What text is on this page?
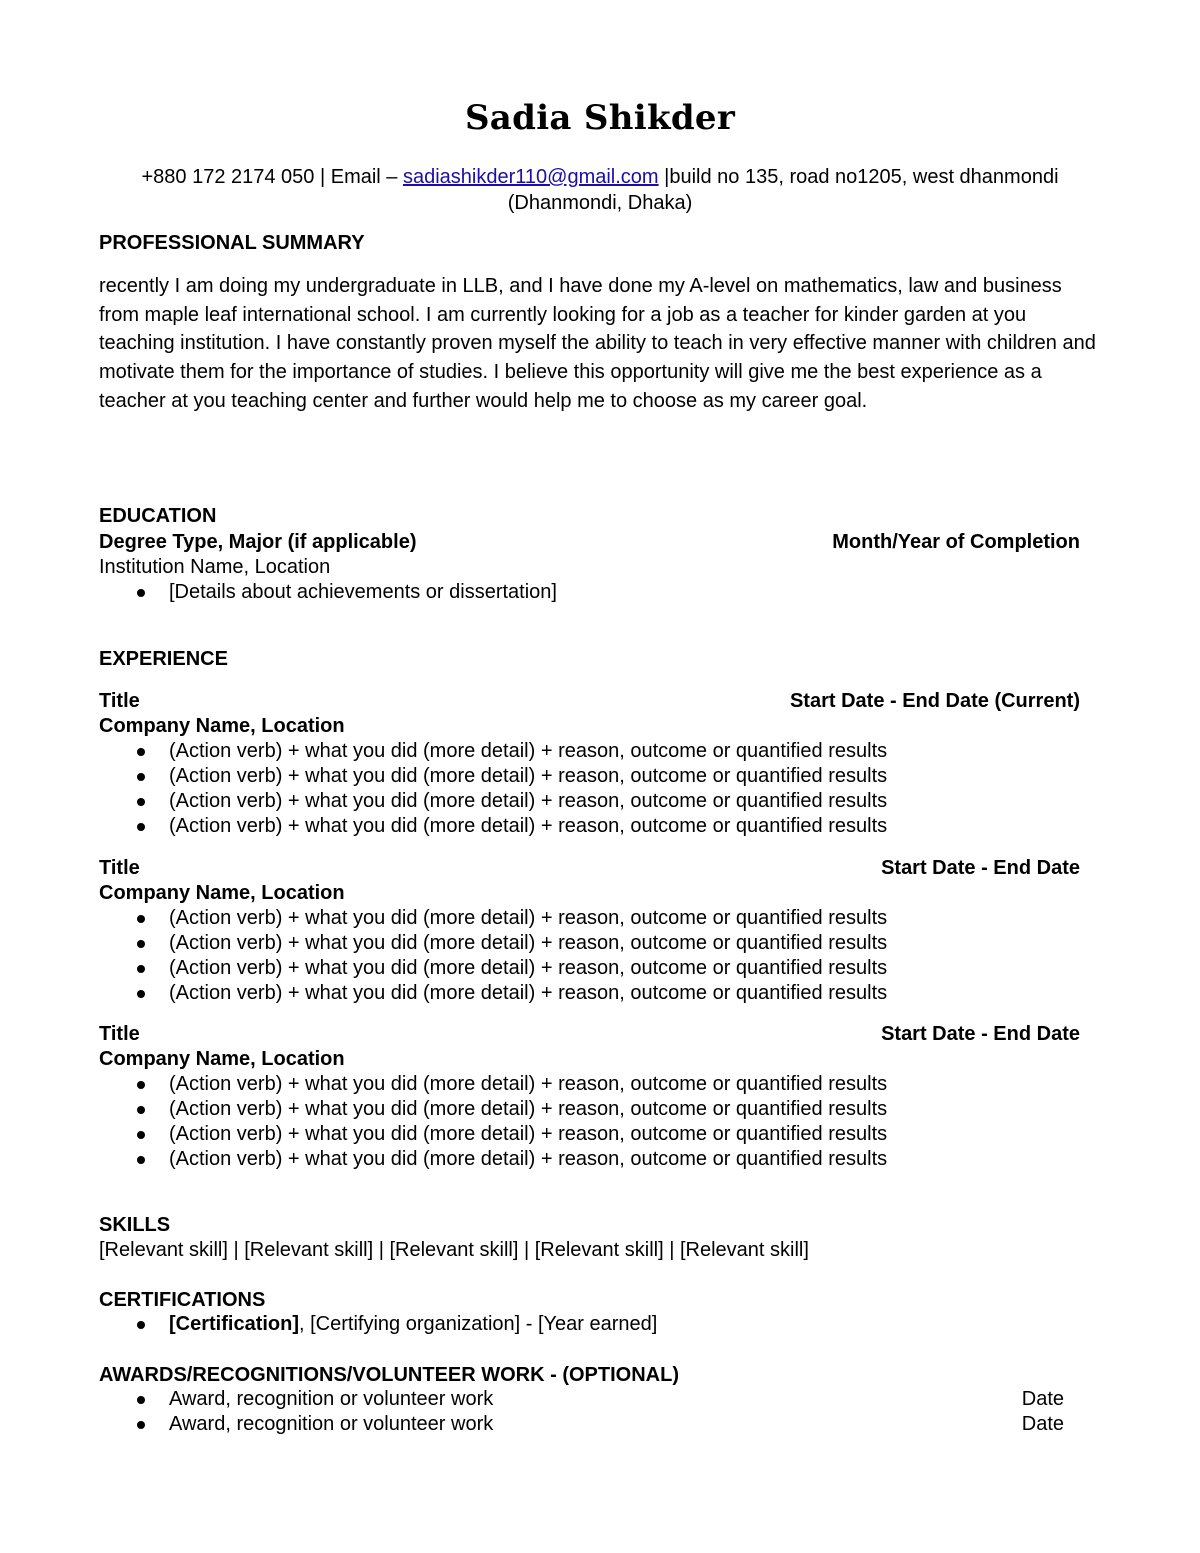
Sadia Shikder
+880 172 2174 050 | Email – sadiashikder110@gmail.com |build no 135, road no1205, west dhanmondi (Dhanmondi, Dhaka)
PROFESSIONAL SUMMARY
recently I am doing my undergraduate in LLB, and I have done my A-level on mathematics, law and business from maple leaf international school. I am currently looking for a job as a teacher for kinder garden at you teaching institution. I have constantly proven myself the ability to teach in very effective manner with children and motivate them for the importance of studies. I believe this opportunity will give me the best experience as a teacher at you teaching center and further would help me to choose as my career goal.
EDUCATION
Degree Type, Major (if applicable)	Month/Year of Completion
Institution Name, Location
[Details about achievements or dissertation]
EXPERIENCE
Title	Start Date - End Date (Current)
Company Name, Location
(Action verb) + what you did (more detail) + reason, outcome or quantified results
(Action verb) + what you did (more detail) + reason, outcome or quantified results
(Action verb) + what you did (more detail) + reason, outcome or quantified results
(Action verb) + what you did (more detail) + reason, outcome or quantified results
Title	Start Date - End Date
Company Name, Location
(Action verb) + what you did (more detail) + reason, outcome or quantified results
(Action verb) + what you did (more detail) + reason, outcome or quantified results
(Action verb) + what you did (more detail) + reason, outcome or quantified results
(Action verb) + what you did (more detail) + reason, outcome or quantified results
Title	Start Date - End Date
Company Name, Location
(Action verb) + what you did (more detail) + reason, outcome or quantified results
(Action verb) + what you did (more detail) + reason, outcome or quantified results
(Action verb) + what you did (more detail) + reason, outcome or quantified results
(Action verb) + what you did (more detail) + reason, outcome or quantified results
SKILLS
[Relevant skill] | [Relevant skill] | [Relevant skill] | [Relevant skill] | [Relevant skill]
CERTIFICATIONS
[Certification], [Certifying organization] - [Year earned]
AWARDS/RECOGNITIONS/VOLUNTEER WORK - (OPTIONAL)
Award, recognition or volunteer work	Date
Award, recognition or volunteer work	Date
